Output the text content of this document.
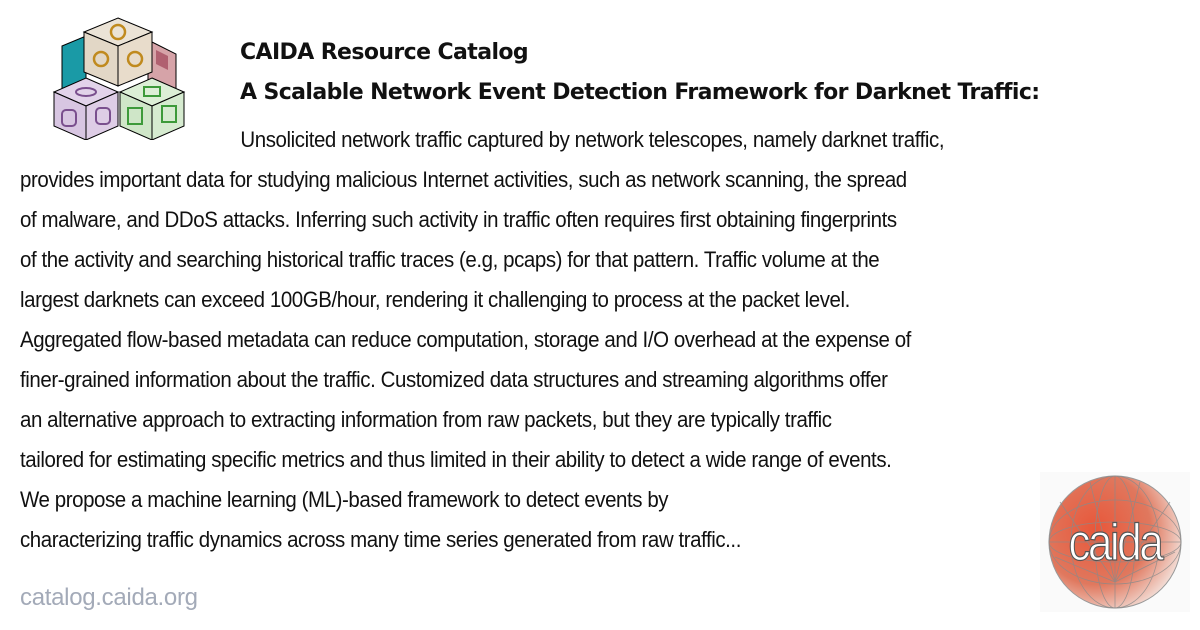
CAIDA Resource Catalog
A Scalable Network Event Detection Framework for Darknet Traffic:
Unsolicited network traffic captured by network telescopes, namely darknet traffic,
provides important data for studying malicious Internet activities, such as network scanning, the spread
of malware, and DDoS attacks. Inferring such activity in traffic often requires first obtaining fingerprints
of the activity and searching historical traffic traces (e.g, pcaps) for that pattern. Traffic volume at the
largest darknets can exceed 100GB/hour, rendering it challenging to process at the packet level.
Aggregated flow-based metadata can reduce computation, storage and I/O overhead at the expense of
finer-grained information about the traffic. Customized data structures and streaming algorithms offer
an alternative approach to extracting information from raw packets, but they are typically traffic
tailored for estimating specific metrics and thus limited in their ability to detect a wide range of events.
We propose a machine learning (ML)-based framework to detect events by
characterizing traffic dynamics across many time series generated from raw traffic...	caida
catalog.caida.org
